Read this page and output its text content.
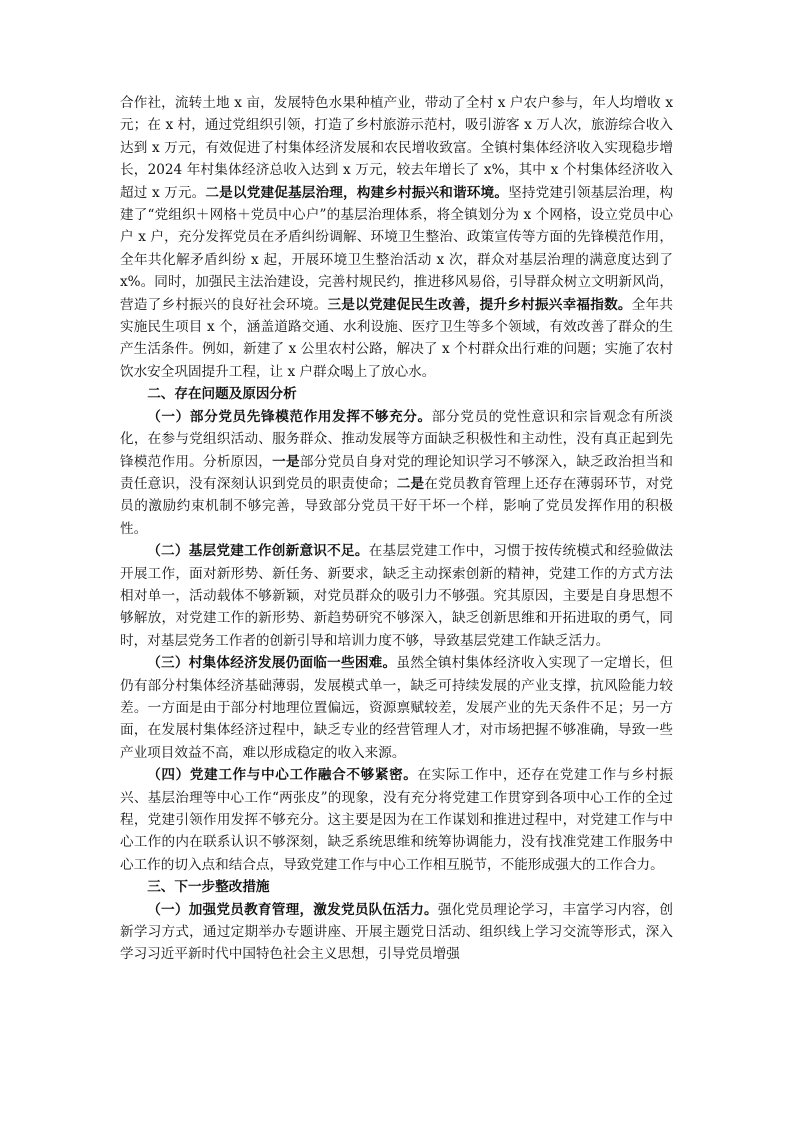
合作社，流转土地 x 亩，发展特色水果种植产业，带动了全村 x 户农户参与，年人均增收 x 元；在 x 村，通过党组织引领，打造了乡村旅游示范村，吸引游客 x 万人次，旅游综合收入达到 x 万元，有效促进了村集体经济发展和农民增收致富。全镇村集体经济收入实现稳步增长，2024 年村集体经济总收入达到 x 万元，较去年增长了 x%，其中 x 个村集体经济收入超过 x 万元。二是以党建促基层治理，构建乡村振兴和谐环境。坚持党建引领基层治理，构建了“党组织＋网格＋党员中心户”的基层治理体系，将全镇划分为 x 个网格，设立党员中心户 x 户，充分发挥党员在矛盾纠纷调解、环境卫生整治、政策宣传等方面的先锋模范作用，全年共化解矛盾纠纷 x 起，开展环境卫生整治活动 x 次，群众对基层治理的满意度达到了 x%。同时，加强民主法治建设，完善村规民约，推进移风易俗，引导群众树立文明新风尚，营造了乡村振兴的良好社会环境。三是以党建促民生改善，提升乡村振兴幸福指数。全年共实施民生项目 x 个，涵盖道路交通、水利设施、医疗卫生等多个领域，有效改善了群众的生产生活条件。例如，新建了 x 公里农村公路，解决了 x 个村群众出行难的问题；实施了农村饮水安全巩固提升工程，让 x 户群众喝上了放心水。

二、存在问题及原因分析

（一）部分党员先锋模范作用发挥不够充分。部分党员的党性意识和宗旨观念有所淡化，在参与党组织活动、服务群众、推动发展等方面缺乏积极性和主动性，没有真正起到先锋模范作用。分析原因，一是部分党员自身对党的理论知识学习不够深入，缺乏政治担当和责任意识，没有深刻认识到党员的职责使命；二是在党员教育管理上还存在薄弱环节，对党员的激励约束机制不够完善，导致部分党员干好干坏一个样，影响了党员发挥作用的积极性。

（二）基层党建工作创新意识不足。在基层党建工作中，习惯于按传统模式和经验做法开展工作，面对新形势、新任务、新要求，缺乏主动探索创新的精神，党建工作的方式方法相对单一，活动载体不够新颖，对党员群众的吸引力不够强。究其原因，主要是自身思想不够解放，对党建工作的新形势、新趋势研究不够深入，缺乏创新思维和开拓进取的勇气，同时，对基层党务工作者的创新引导和培训力度不够，导致基层党建工作缺乏活力。

（三）村集体经济发展仍面临一些困难。虽然全镇村集体经济收入实现了一定增长，但仍有部分村集体经济基础薄弱，发展模式单一，缺乏可持续发展的产业支撑，抗风险能力较差。一方面是由于部分村地理位置偏远，资源禀赋较差，发展产业的先天条件不足；另一方面，在发展村集体经济过程中，缺乏专业的经营管理人才，对市场把握不够准确，导致一些产业项目效益不高，难以形成稳定的收入来源。

（四）党建工作与中心工作融合不够紧密。在实际工作中，还存在党建工作与乡村振兴、基层治理等中心工作“两张皮”的现象，没有充分将党建工作贯穿到各项中心工作的全过程，党建引领作用发挥不够充分。这主要是因为在工作谋划和推进过程中，对党建工作与中心工作的内在联系认识不够深刻，缺乏系统思维和统筹协调能力，没有找准党建工作服务中心工作的切入点和结合点，导致党建工作与中心工作相互脱节，不能形成强大的工作合力。

三、下一步整改措施

（一）加强党员教育管理，激发党员队伍活力。强化党员理论学习，丰富学习内容，创新学习方式，通过定期举办专题讲座、开展主题党日活动、组织线上学习交流等形式，深入学习习近平新时代中国特色社会主义思想，引导党员增强
